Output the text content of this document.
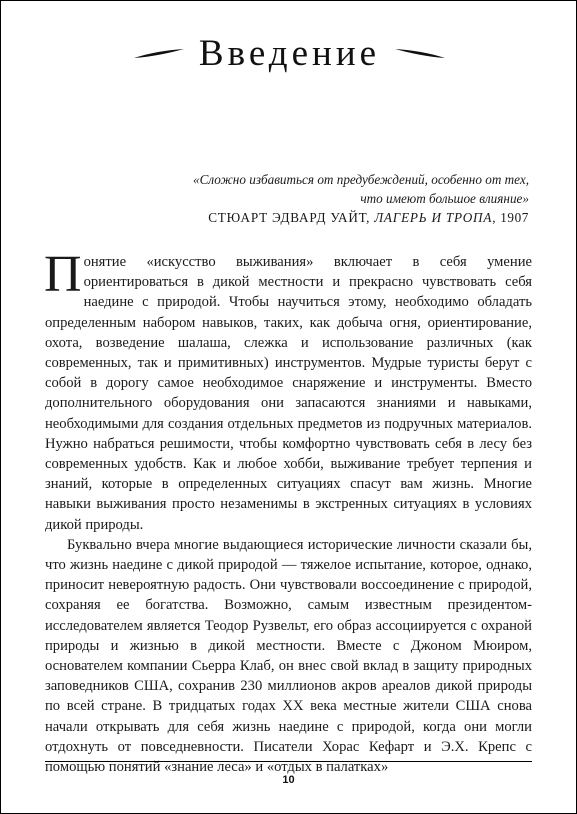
Введение

«Сложно избавиться от предубеждений, особенно от тех, что имеют большое влияние»

СТЮАРТ ЭДВАРД УАЙТ, ЛАГЕРЬ И ТРОПА, 1907

Понятие «искусство выживания» включает в себя умение ориентироваться в дикой местности и прекрасно чувствовать себя наедине с природой. Чтобы научиться этому, необходимо обладать определенным набором навыков, таких, как добыча огня, ориентирование, охота, возведение шалаша, слежка и использование различных (как современных, так и примитивных) инструментов. Мудрые туристы берут с собой в дорогу самое необходимое снаряжение и инструменты. Вместо дополнительного оборудования они запасаются знаниями и навыками, необходимыми для создания отдельных предметов из подручных материалов. Нужно набраться решимости, чтобы комфортно чувствовать себя в лесу без современных удобств. Как и любое хобби, выживание требует терпения и знаний, которые в определенных ситуациях спасут вам жизнь. Многие навыки выживания просто незаменимы в экстренных ситуациях в условиях дикой природы.

Буквально вчера многие выдающиеся исторические личности сказали бы, что жизнь наедине с дикой природой — тяжелое испытание, которое, однако, приносит невероятную радость. Они чувствовали воссоединение с природой, сохраняя ее богатства. Возможно, самым известным президентом-исследователем является Теодор Рузвельт, его образ ассоциируется с охраной природы и жизнью в дикой местности. Вместе с Джоном Мюиром, основателем компании Сьерра Клаб, он внес свой вклад в защиту природных заповедников США, сохранив 230 миллионов акров ареалов дикой природы по всей стране. В тридцатых годах XX века местные жители США снова начали открывать для себя жизнь наедине с природой, когда они могли отдохнуть от повседневности. Писатели Хорас Кефарт и Э.Х. Крепс с помощью понятий «знание леса» и «отдых в палатках»

10
